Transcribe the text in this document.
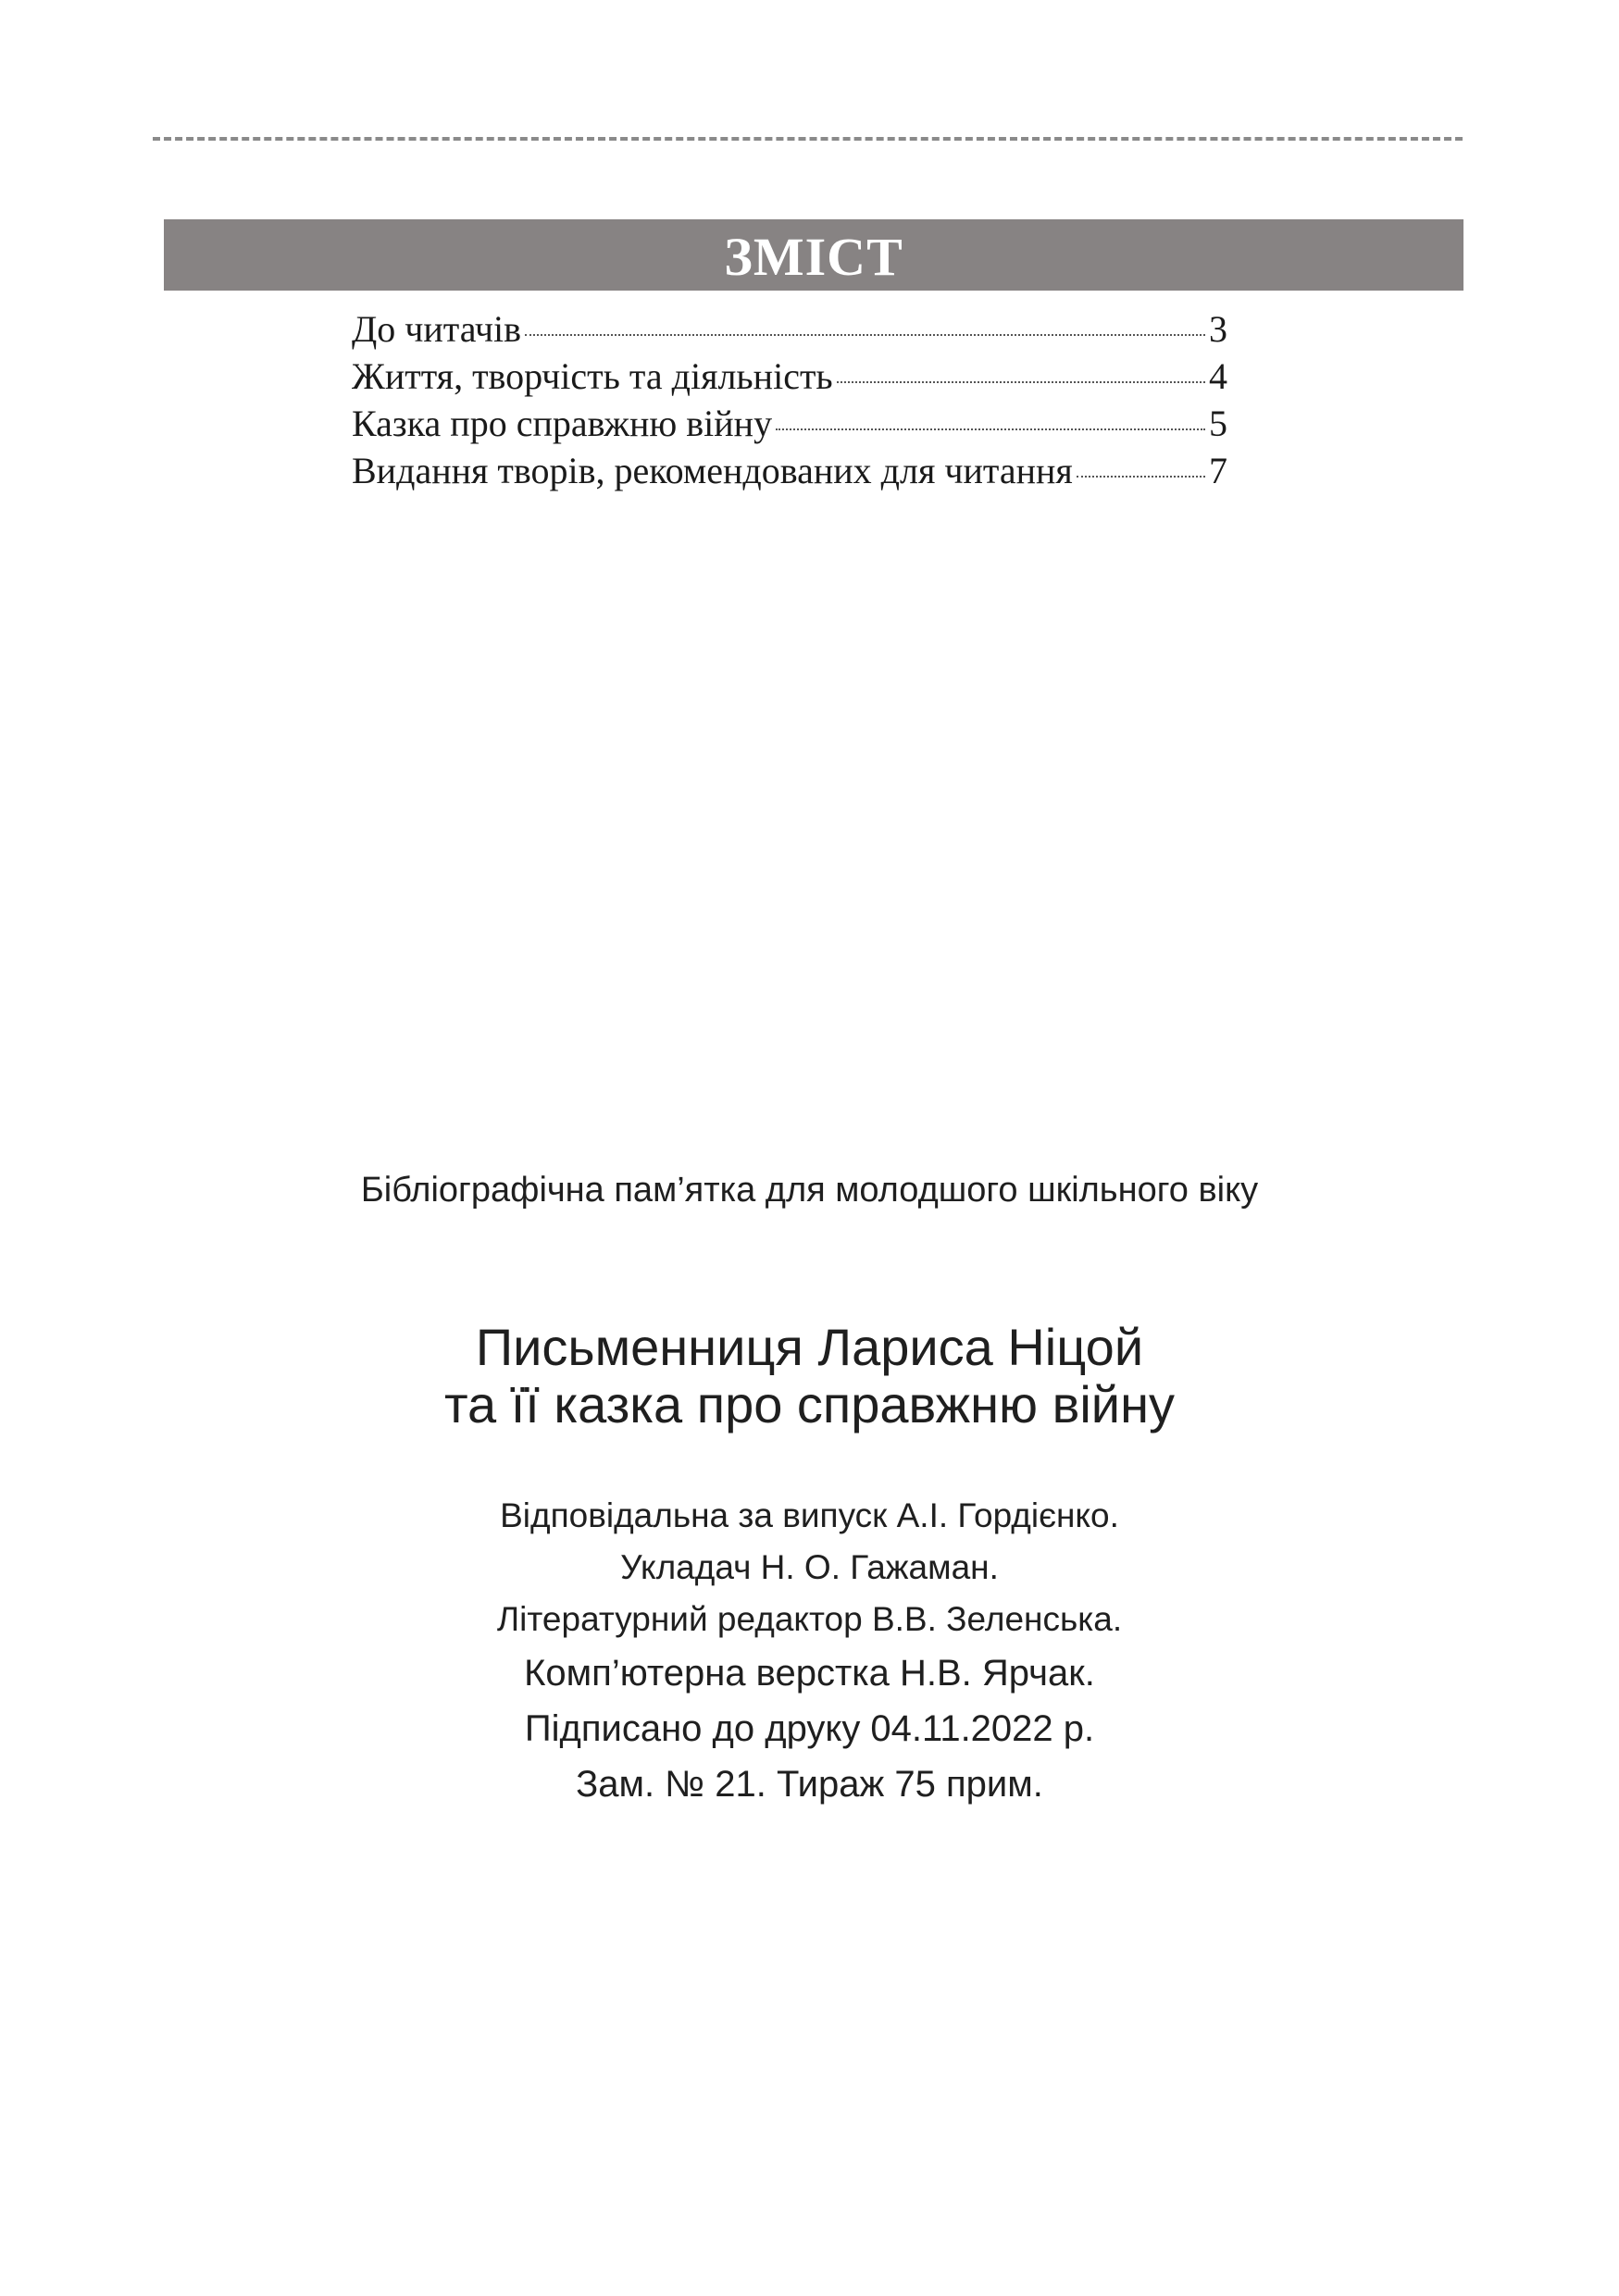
ЗМІСТ
До читачів	3
Життя, творчість та діяльність	4
Казка про справжню війну	5
Видання творів, рекомендованих для читання	7
Бібліографічна пам’ятка для молодшого шкільного віку
Письменниця Лариса Ніцой
та її казка про справжню війну
Відповідальна за випуск А.І. Гордієнко.
Укладач Н. О. Гажаман.
Літературний редактор В.В. Зеленська.
Комп’ютерна верстка Н.В. Ярчак.
Підписано до друку 04.11.2022 р.
Зам. № 21. Тираж 75 прим.
